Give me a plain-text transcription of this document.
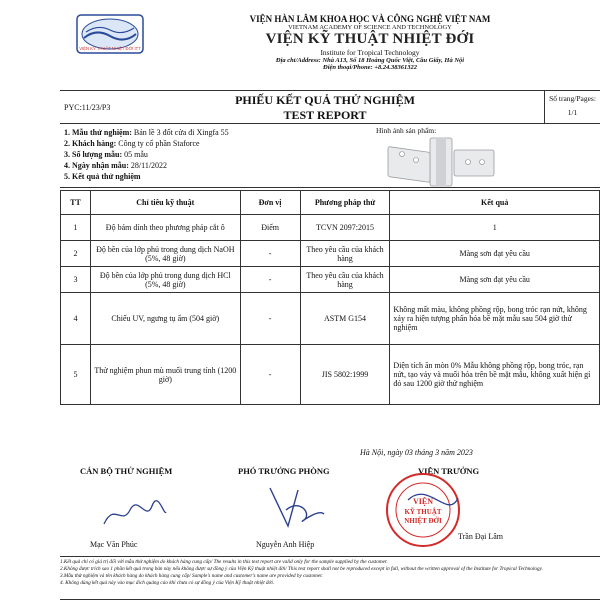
VIỆN KỸ THUẬT NHIỆT ĐỚI ITT
VIỆN HÀN LÂM KHOA HỌC VÀ CÔNG NGHỆ VIỆT NAM
VIETNAM ACADEMY OF SCIENCE AND TECHNOLOGY
VIỆN KỸ THUẬT NHIỆT ĐỚI
Institute for Tropical Technology
Địa chỉ/Address: Nhà A13, Số 18 Hoàng Quốc Việt, Cầu Giấy, Hà Nội
Điện thoại/Phone: +8.24.38361322
PYC:11/23/P3
PHIẾU KẾT QUẢ THỬ NGHIỆM
TEST REPORT
Số trang/Pages:
1/1
1. Mẫu thử nghiệm: Bản lề 3 đốt cửa đi Xingfa 55
2. Khách hàng: Công ty cổ phần Staforce
3. Số lượng mẫu: 05 mẫu
4. Ngày nhận mẫu: 28/11/2022
5. Kết quả thử nghiệm
Hình ảnh sản phẩm:
TT	Chỉ tiêu kỹ thuật	Đơn vị	Phương pháp thử	Kết quả
1	Độ bám dính theo phương pháp cắt ô	Điểm	TCVN 2097:2015	1
2	Độ bền của lớp phủ trong dung dịch NaOH (5%, 48 giờ)	-	Theo yêu cầu của khách hàng	Màng sơn đạt yêu cầu
3	Độ bền của lớp phủ trong dung dịch HCl (5%, 48 giờ)	-	Theo yêu cầu của khách hàng	Màng sơn đạt yêu cầu
4	Chiếu UV, ngưng tụ ẩm (504 giờ)	-	ASTM G154	Không mất màu, không phồng rộp, bong tróc rạn nứt, không xảy ra hiện tượng phấn hóa bề mặt mẫu sau 504 giờ thử nghiệm
5	Thử nghiệm phun mù muối trung tính (1200 giờ)	-	JIS 5802:1999	Diện tích ăn mòn 0% Mẫu không phồng rộp, bong tróc, rạn nứt, tạo vảy và muối hóa trên bề mặt mẫu, không xuất hiện gỉ đỏ sau 1200 giờ thử nghiệm
Hà Nội, ngày 03 tháng 3 năm 2023
CÁN BỘ THỬ NGHIỆM	PHÓ TRƯỞNG PHÒNG	VIỆN TRƯỞNG
VIỆN
KỸ THUẬT
NHIỆT ĐỚI
Mạc Văn Phúc	Nguyễn Anh Hiệp
Trần Đại Lâm
1.Kết quả chỉ có giá trị đối với mẫu thử nghiệm do khách hàng cung cấp/ The results in this test report are valid only for the sample supplied by the customer.
2.Không được trích sao 1 phần kết quả trong bản này nếu không được sự đồng ý của Viện Kỹ thuật nhiệt đới/ This test report shall not be reproduced except in full, without the written approval of the Institute for Tropical Technology.
3.Mẫu thử nghiệm và tên khách hàng do khách hàng cung cấp/ Sample's name and customer's name are provided by customer.
4. Không dùng kết quả này vào mục đích quảng cáo khi chưa có sự đồng ý của Viện Kỹ thuật nhiệt đới.
